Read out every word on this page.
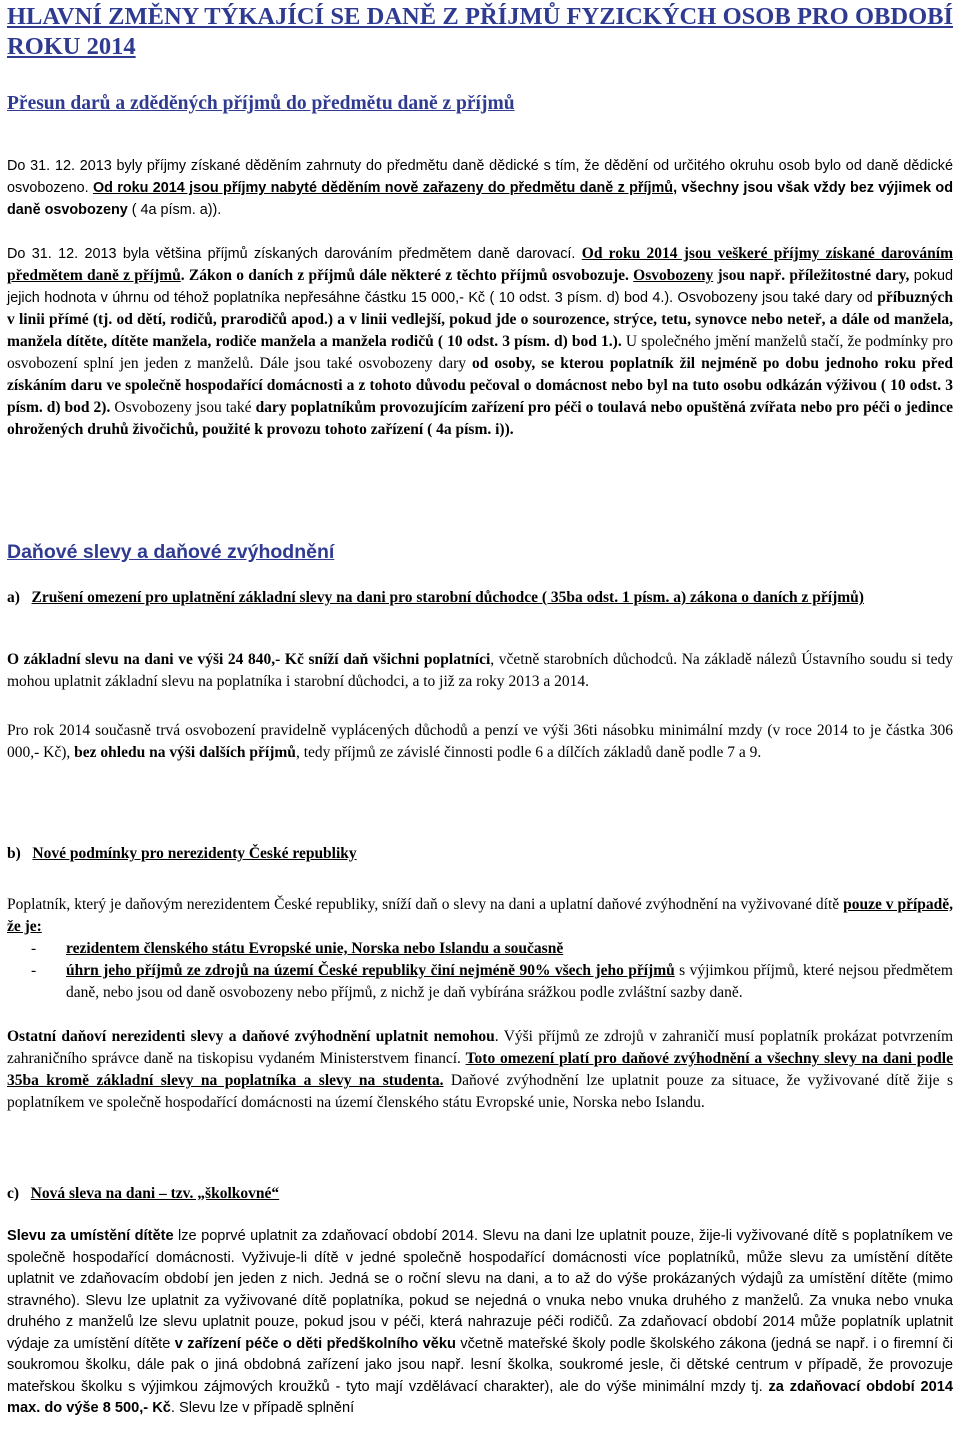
HLAVNÍ ZMĚNY TÝKAJÍCÍ SE DANĚ Z PŘÍJMŮ FYZICKÝCH OSOB PRO OBDOBÍ ROKU 2014
Přesun darů a zděděných příjmů do předmětu daně z příjmů

Do 31. 12. 2013 byly příjmy získané děděním zahrnuty do předmětu daně dědické s tím, že dědění od určitého okruhu osob bylo od daně dědické osvobozeno. Od roku 2014 jsou příjmy nabyté děděním nově zařazeny do předmětu daně z příjmů, všechny jsou však vždy bez výjimek od daně osvobozeny ( 4a písm. a)).

Do 31. 12. 2013 byla většina příjmů získaných darováním předmětem daně darovací. Od roku 2014 jsou veškeré příjmy získané darováním předmětem daně z příjmů. Zákon o daních z příjmů dále některé z těchto příjmů osvobozuje. Osvobozeny jsou např. příležitostné dary, pokud jejich hodnota v úhrnu od téhož poplatníka nepřesáhne částku 15 000,- Kč ( 10 odst. 3 písm. d) bod 4.). Osvobozeny jsou také dary od příbuzných v linii přímé (tj. od dětí, rodičů, prarodičů apod.) a v linii vedlejší, pokud jde o sourozence, strýce, tetu, synovce nebo neteř, a dále od manžela, manžela dítěte, dítěte manžela, rodiče manžela a manžela rodičů ( 10 odst. 3 písm. d) bod 1.). U společného jmění manželů stačí, že podmínky pro osvobození splní jen jeden z manželů. Dále jsou také osvobozeny dary od osoby, se kterou poplatník žil nejméně po dobu jednoho roku před získáním daru ve společně hospodařící domácnosti a z tohoto důvodu pečoval o domácnost nebo byl na tuto osobu odkázán výživou ( 10 odst. 3 písm. d) bod 2). Osvobozeny jsou také dary poplatníkům provozujícím zařízení pro péči o toulavá nebo opuštěná zvířata nebo pro péči o jedince ohrožených druhů živočichů, použité k provozu tohoto zařízení ( 4a písm. i)).

Daňové slevy a daňové zvýhodnění

a) Zrušení omezení pro uplatnění základní slevy na dani pro starobní důchodce ( 35ba odst. 1 písm. a) zákona o daních z příjmů)

O základní slevu na dani ve výši 24 840,- Kč sníží daň všichni poplatníci, včetně starobních důchodců. Na základě nálezů Ústavního soudu si tedy mohou uplatnit základní slevu na poplatníka i starobní důchodci, a to již za roky 2013 a 2014.

Pro rok 2014 současně trvá osvobození pravidelně vyplácených důchodů a penzí ve výši 36ti násobku minimální mzdy (v roce 2014 to je částka 306 000,- Kč), bez ohledu na výši dalších příjmů, tedy příjmů ze závislé činnosti podle 6 a dílčích základů daně podle 7 a 9.

b) Nové podmínky pro nerezidenty České republiky

Poplatník, který je daňovým nerezidentem České republiky, sníží daň o slevy na dani a uplatní daňové zvýhodnění na vyživované dítě pouze v případě, že je:

- rezidentem členského státu Evropské unie, Norska nebo Islandu a současně
- úhrn jeho příjmů ze zdrojů na území České republiky činí nejméně 90% všech jeho příjmů s výjimkou příjmů, které nejsou předmětem daně, nebo jsou od daně osvobozeny nebo příjmů, z nichž je daň vybírána srážkou podle zvláštní sazby daně.

Ostatní daňoví nerezidenti slevy a daňové zvýhodnění uplatnit nemohou. Výši příjmů ze zdrojů v zahraničí musí poplatník prokázat potvrzením zahraničního správce daně na tiskopisu vydaném Ministerstvem financí. Toto omezení platí pro daňové zvýhodnění a všechny slevy na dani podle 35ba kromě základní slevy na poplatníka a slevy na studenta. Daňové zvýhodnění lze uplatnit pouze za situace, že vyživované dítě žije s poplatníkem ve společně hospodařící domácnosti na území členského státu Evropské unie, Norska nebo Islandu.

c) Nová sleva na dani – tzv. „školkovné“

Slevu za umístění dítěte lze poprvé uplatnit za zdaňovací období 2014. Slevu na dani lze uplatnit pouze, žije-li vyživované dítě s poplatníkem ve společně hospodařící domácnosti. Vyživuje-li dítě v jedné společně hospodařící domácnosti více poplatníků, může slevu za umístění dítěte uplatnit ve zdaňovacím období jen jeden z nich. Jedná se o roční slevu na dani, a to až do výše prokázaných výdajů za umístění dítěte (mimo stravného). Slevu lze uplatnit za vyživované dítě poplatníka, pokud se nejedná o vnuka nebo vnuka druhého z manželů. Za vnuka nebo vnuka druhého z manželů lze slevu uplatnit pouze, pokud jsou v péči, která nahrazuje péči rodičů. Za zdaňovací období 2014 může poplatník uplatnit výdaje za umístění dítěte v zařízení péče o děti předškolního věku včetně mateřské školy podle školského zákona (jedná se např. i o firemní či soukromou školku, dále pak o jiná obdobná zařízení jako jsou např. lesní školka, soukromé jesle, či dětské centrum v případě, že provozuje mateřskou školku s výjimkou zájmových kroužků - tyto mají vzdělávací charakter), ale do výše minimální mzdy tj. za zdaňovací období 2014 max. do výše 8 500,- Kč. Slevu lze v případě splnění
